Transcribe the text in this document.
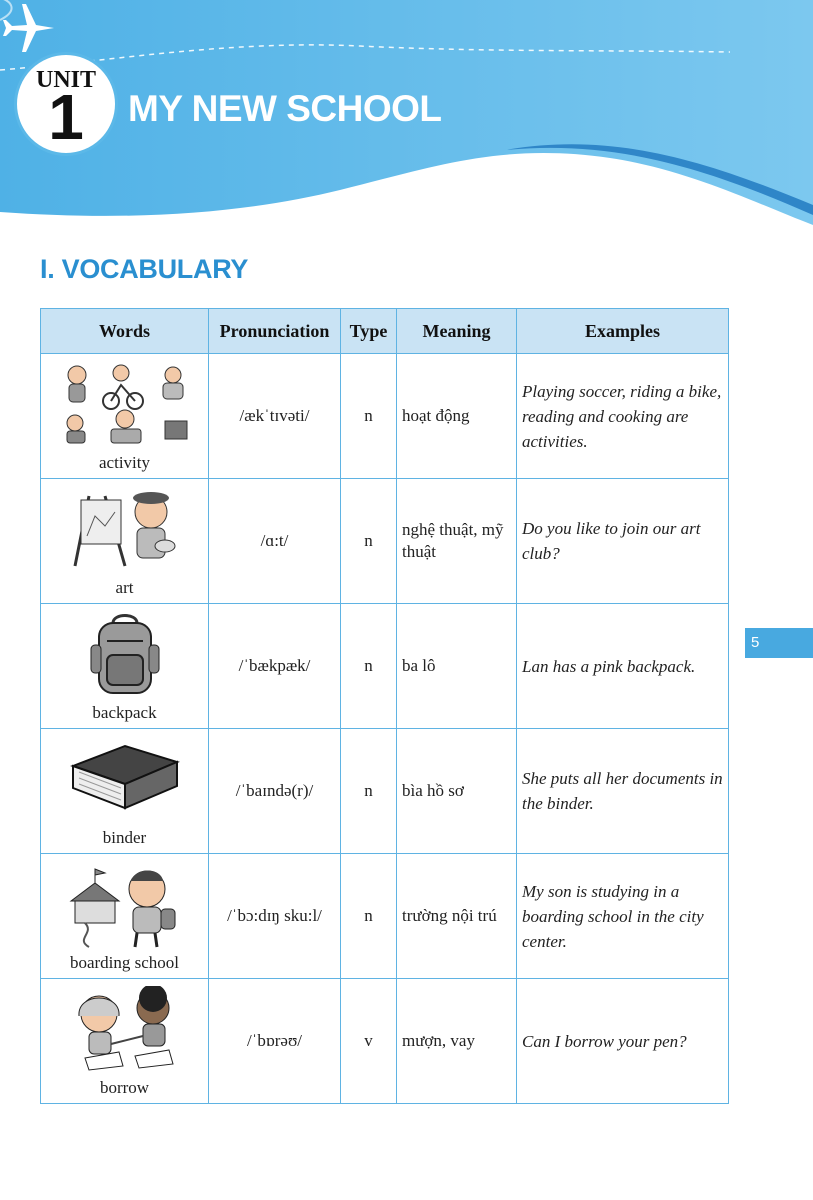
UNIT
1	MY NEW SCHOOL
I. VOCABULARY
5
Words	Pronunciation	Type	Meaning	Examples

activity	/ækˈtɪvəti/	n	hoạt động	Playing soccer, riding a bike, reading and cooking are activities.

art	/ɑ:t/	n	nghệ thuật, mỹ thuật	Do you like to join our art club?

backpack	/ˈbækpæk/	n	ba lô	Lan has a pink backpack.

binder	/ˈbaɪndə(r)/	n	bìa hồ sơ	She puts all her documents in the binder.

boarding school	/ˈbɔ:dɪŋ sku:l/	n	trường nội trú	My son is studying in a boarding school in the city center.

borrow	/ˈbɒrəʊ/	v	mượn, vay	Can I borrow your pen?
